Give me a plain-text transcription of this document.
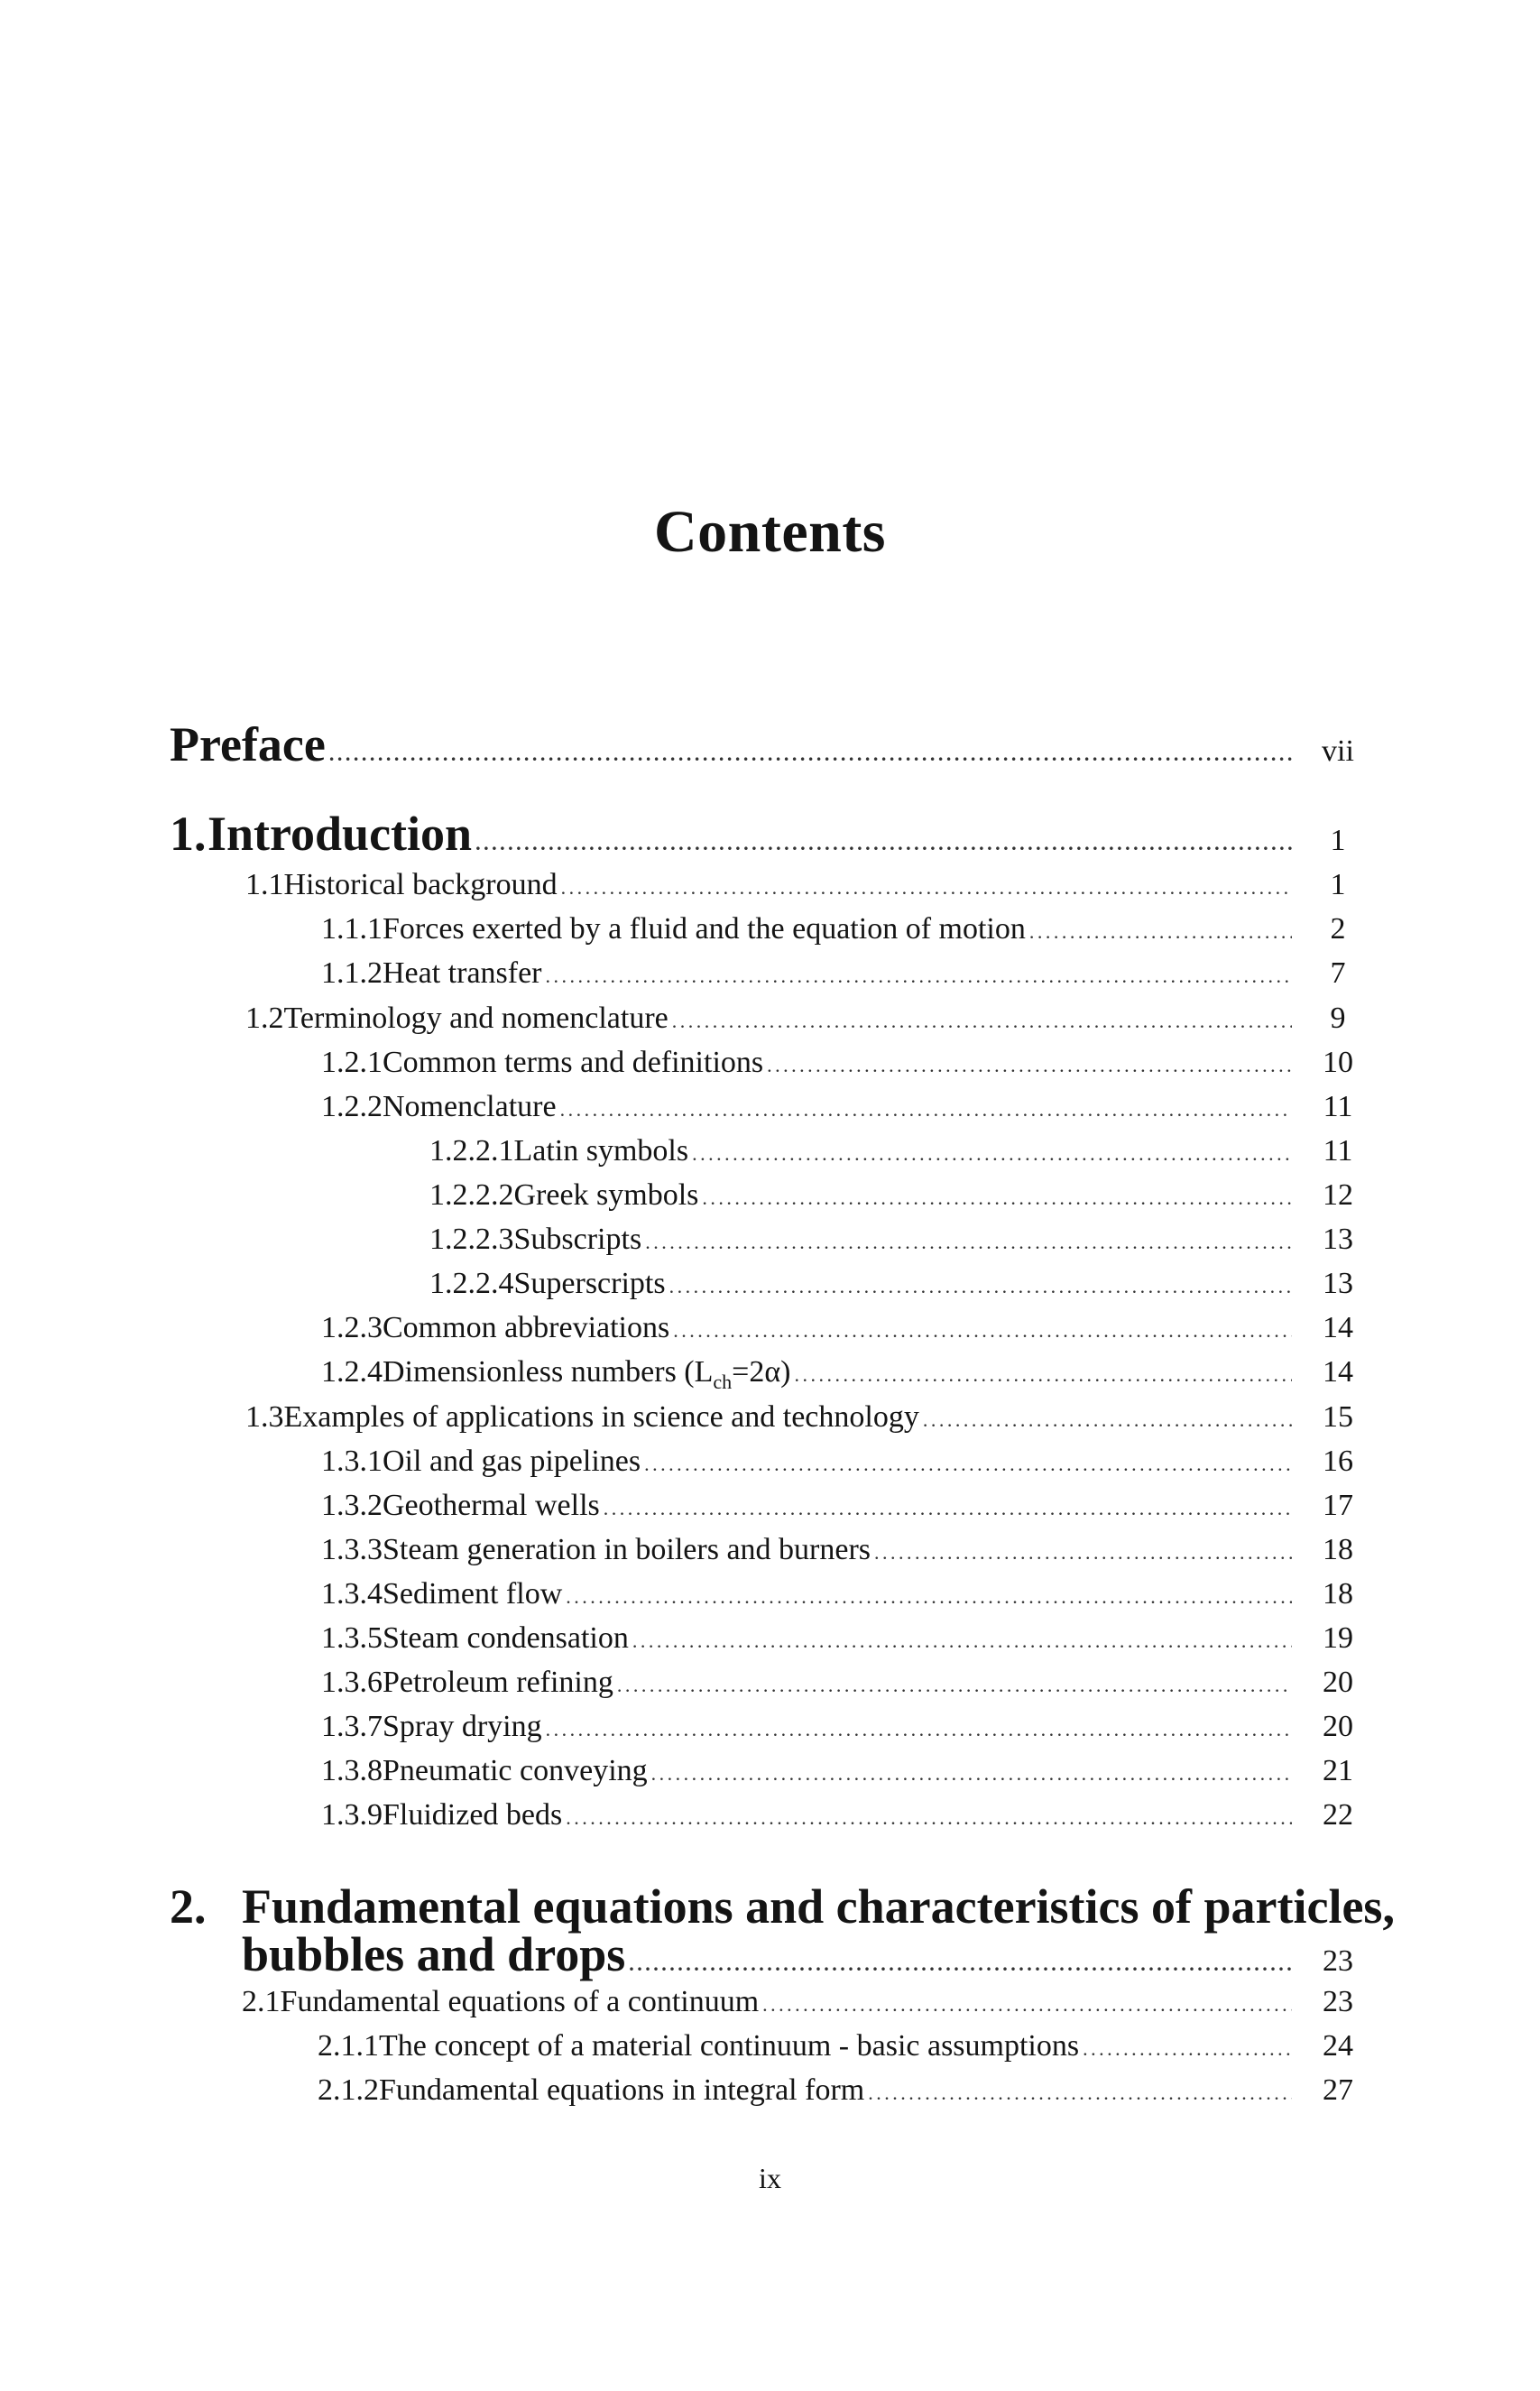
Contents
Preface . . .	vii
1. Introduction . . .	1
1.1 Historical background . . .	1
1.1.1 Forces exerted by a fluid and the equation of motion . . .	2
1.1.2 Heat transfer . . .	7
1.2 Terminology and nomenclature . . .	9
1.2.1 Common terms and definitions . . .	10
1.2.2 Nomenclature . . .	11
1.2.2.1 Latin symbols . . .	11
1.2.2.2 Greek symbols . . .	12
1.2.2.3 Subscripts . . .	13
1.2.2.4 Superscripts . . .	13
1.2.3 Common abbreviations . . .	14
1.2.4 Dimensionless numbers $(L_{ch}=2\alpha)$ . . .	14
1.3 Examples of applications in science and technology . . .	15
1.3.1 Oil and gas pipelines . . .	16
1.3.2 Geothermal wells . . .	17
1.3.3 Steam generation in boilers and burners . . .	18
1.3.4 Sediment flow . . .	18
1.3.5 Steam condensation . . .	19
1.3.6 Petroleum refining . . .	20
1.3.7 Spray drying . . .	20
1.3.8 Pneumatic conveying . . .	21
1.3.9 Fluidized beds . . .	22
2. Fundamental equations and characteristics of particles,
bubbles and drops . . .	23
2.1 Fundamental equations of a continuum . . .	23
2.1.1 The concept of a material continuum - basic assumptions . . .	24
2.1.2 Fundamental equations in integral form . . .	27
ix
